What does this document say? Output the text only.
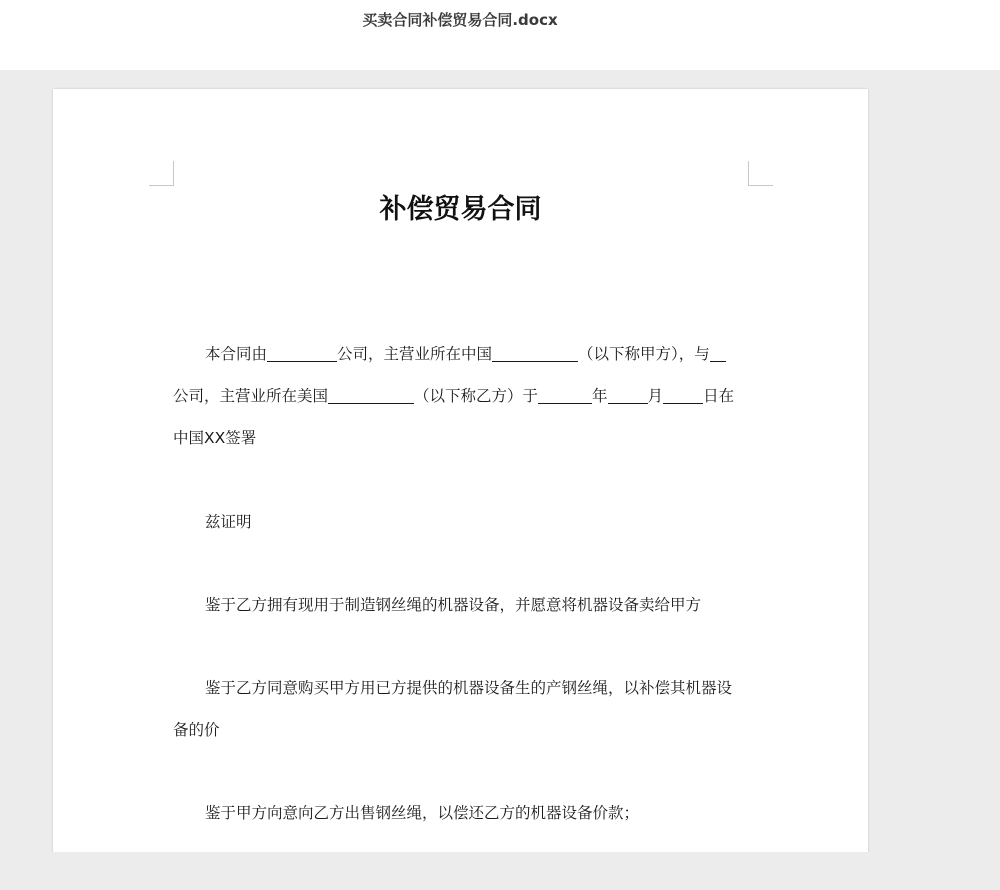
买卖合同补偿贸易合同.docx
补偿贸易合同
本合同由	公司，主营业所在中国	（以下称甲方），与
公司，主营业所在美国	（以下称乙方）于	年	月	日在
中国XX签署
兹证明
鉴于乙方拥有现用于制造钢丝绳的机器设备，并愿意将机器设备卖给甲方
鉴于乙方同意购买甲方用已方提供的机器设备生的产钢丝绳，以补偿其机器设
备的价
鉴于甲方向意向乙方出售钢丝绳，以偿还乙方的机器设备价款；
